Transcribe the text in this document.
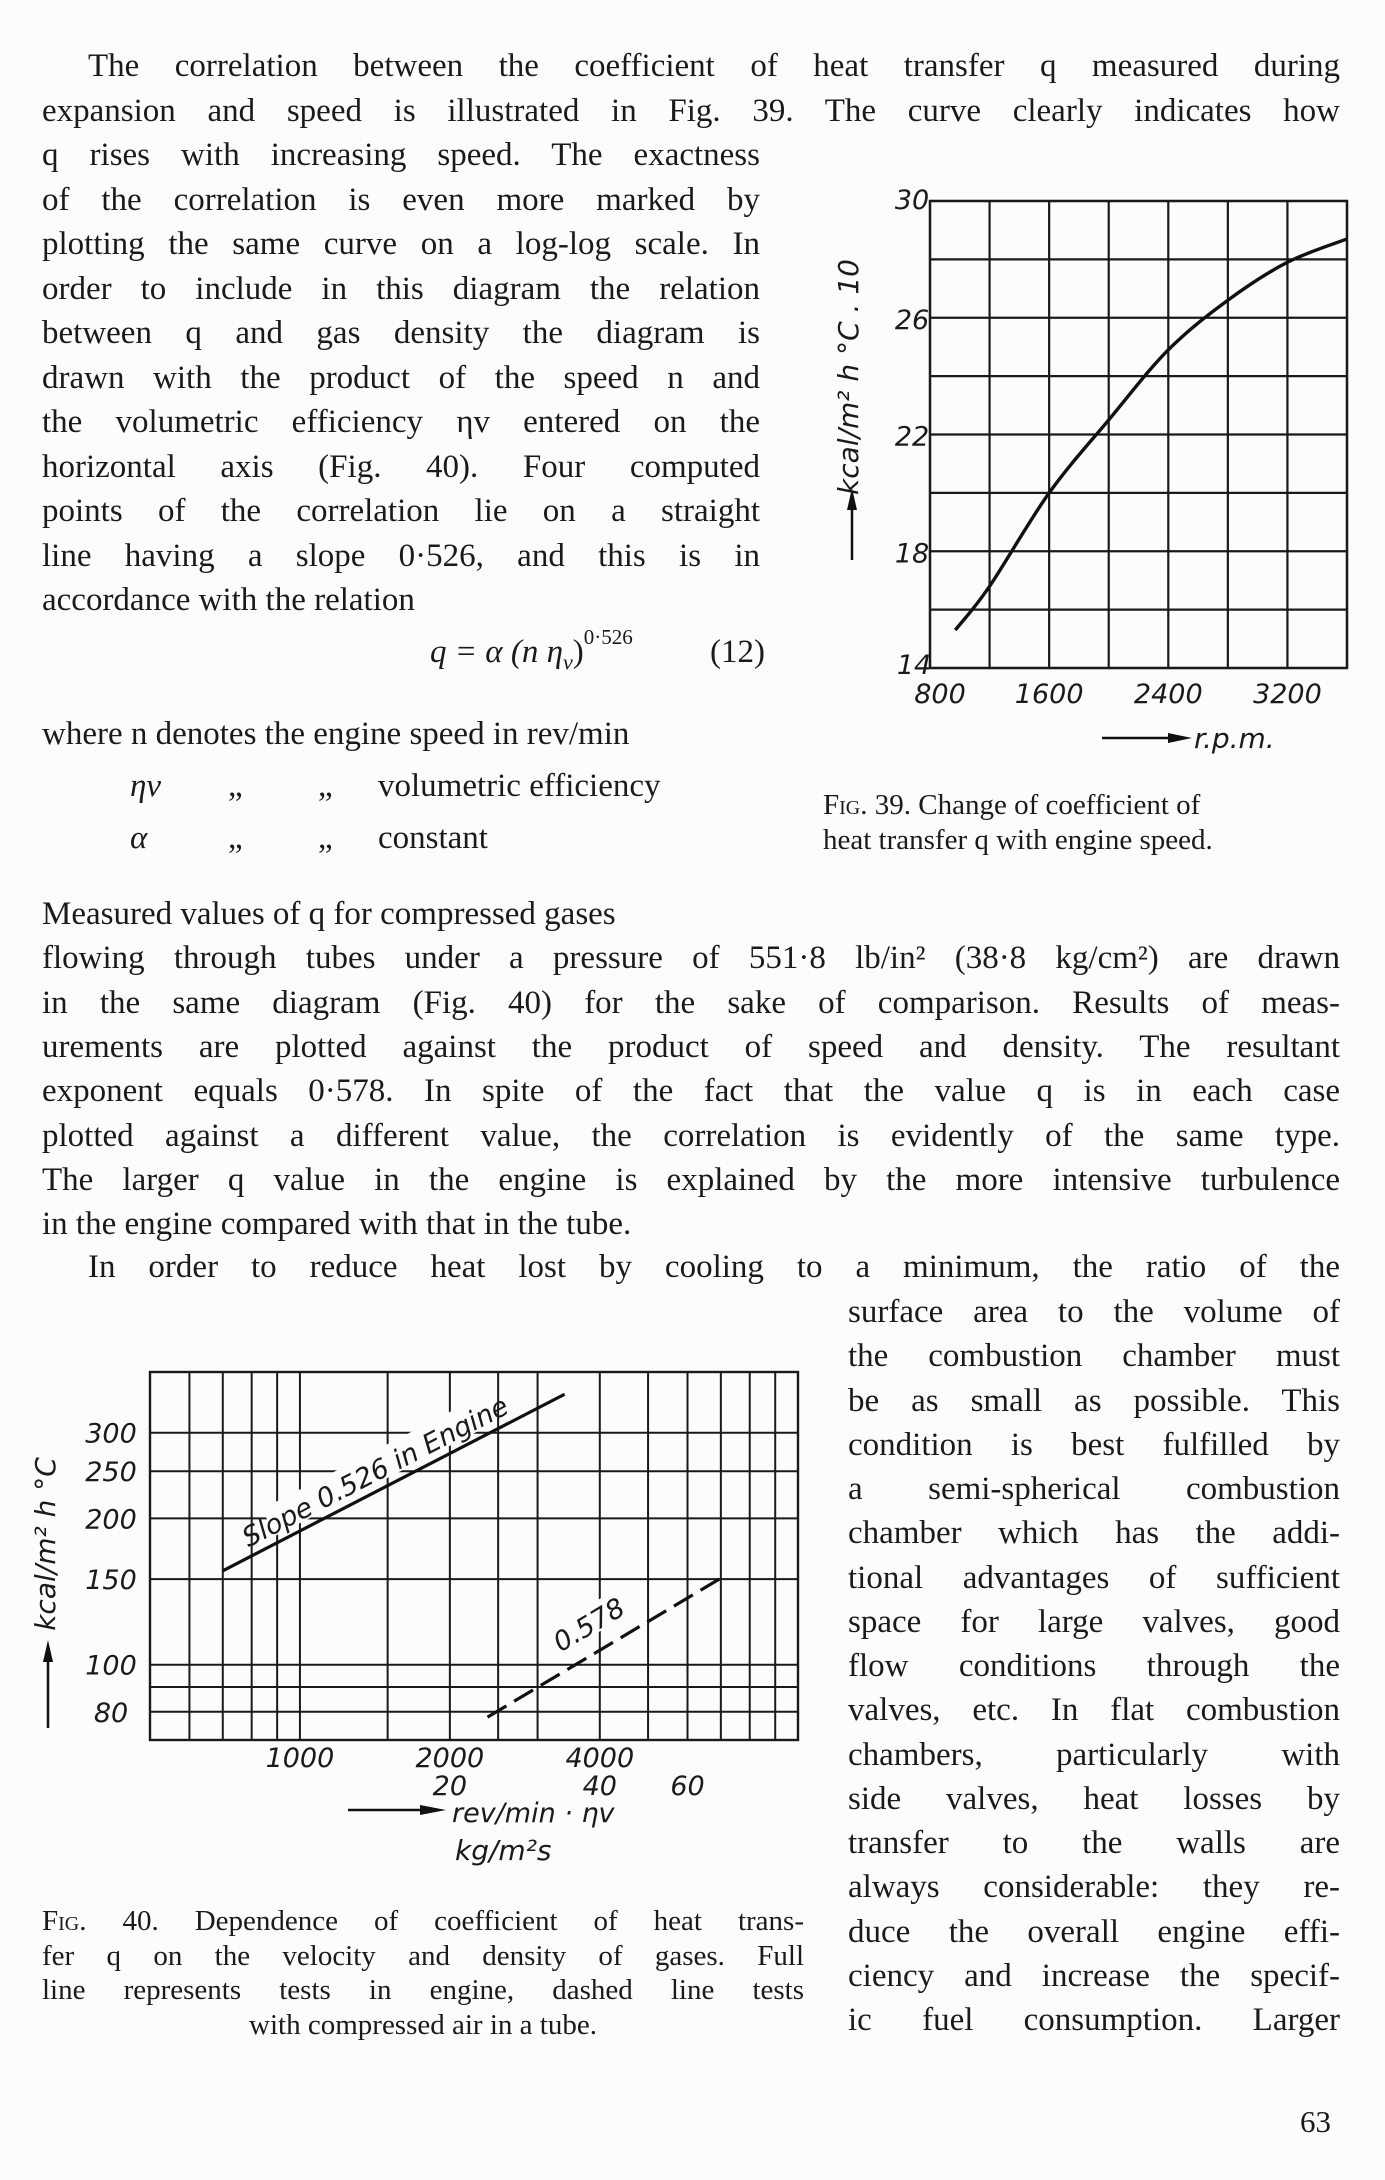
The correlation between the coefficient of heat transfer q measured during
expansion and speed is illustrated in Fig. 39. The curve clearly indicates how
q rises with increasing speed. The exactness
of the correlation is even more marked by
plotting the same curve on a log-log scale. In
order to include in this diagram the relation
between q and gas density the diagram is
drawn with the product of the speed n and
the volumetric efficiency ηv entered on the
horizontal axis (Fig. 40). Four computed
points of the correlation lie on a straight
line having a slope 0·526, and this is in
accordance with the relation
q = α (n $\eta_v)^{0\cdot 526}$ (12)
where n denotes the engine speed in rev/min
ηv „ „ volumetric efficiency
α „ „ constant
14
18
22
26
30
800 1600 2400 3200
r.p.m.
kcal/m² h °C . 10
Fig. 39. Change of coefficient of
heat transfer q with engine speed.
Measured values of q for compressed gases
flowing through tubes under a pressure of 551·8 lb/in² (38·8 kg/cm²) are drawn
in the same diagram (Fig. 40) for the sake of comparison. Results of meas-
urements are plotted against the product of speed and density. The resultant
exponent equals 0·578. In spite of the fact that the value q is in each case
plotted against a different value, the correlation is evidently of the same type.
The larger q value in the engine is explained by the more intensive turbulence
in the engine compared with that in the tube.
In order to reduce heat lost by cooling to a minimum, the ratio of the
surface area to the volume of
the combustion chamber must
be as small as possible. This
condition is best fulfilled by
a semi-spherical combustion
chamber which has the addi-
tional advantages of sufficient
space for large valves, good
flow conditions through the
valves, etc. In flat combustion
chambers, particularly with
side valves, heat losses by
transfer to the walls are
always considerable: they re-
duce the overall engine effi-
ciency and increase the specif-
ic fuel consumption. Larger
Slope 0.526 in Engine
0.578
80
100
150
200
250
300
1000	2000	4000
20	40 60
rev/min · ηv
kg/m²s
kcal/m² h °C
Fig. 40. Dependence of coefficient of heat trans-
fer q on the velocity and density of gases. Full
line represents tests in engine, dashed line tests
with compressed air in a tube.
63
